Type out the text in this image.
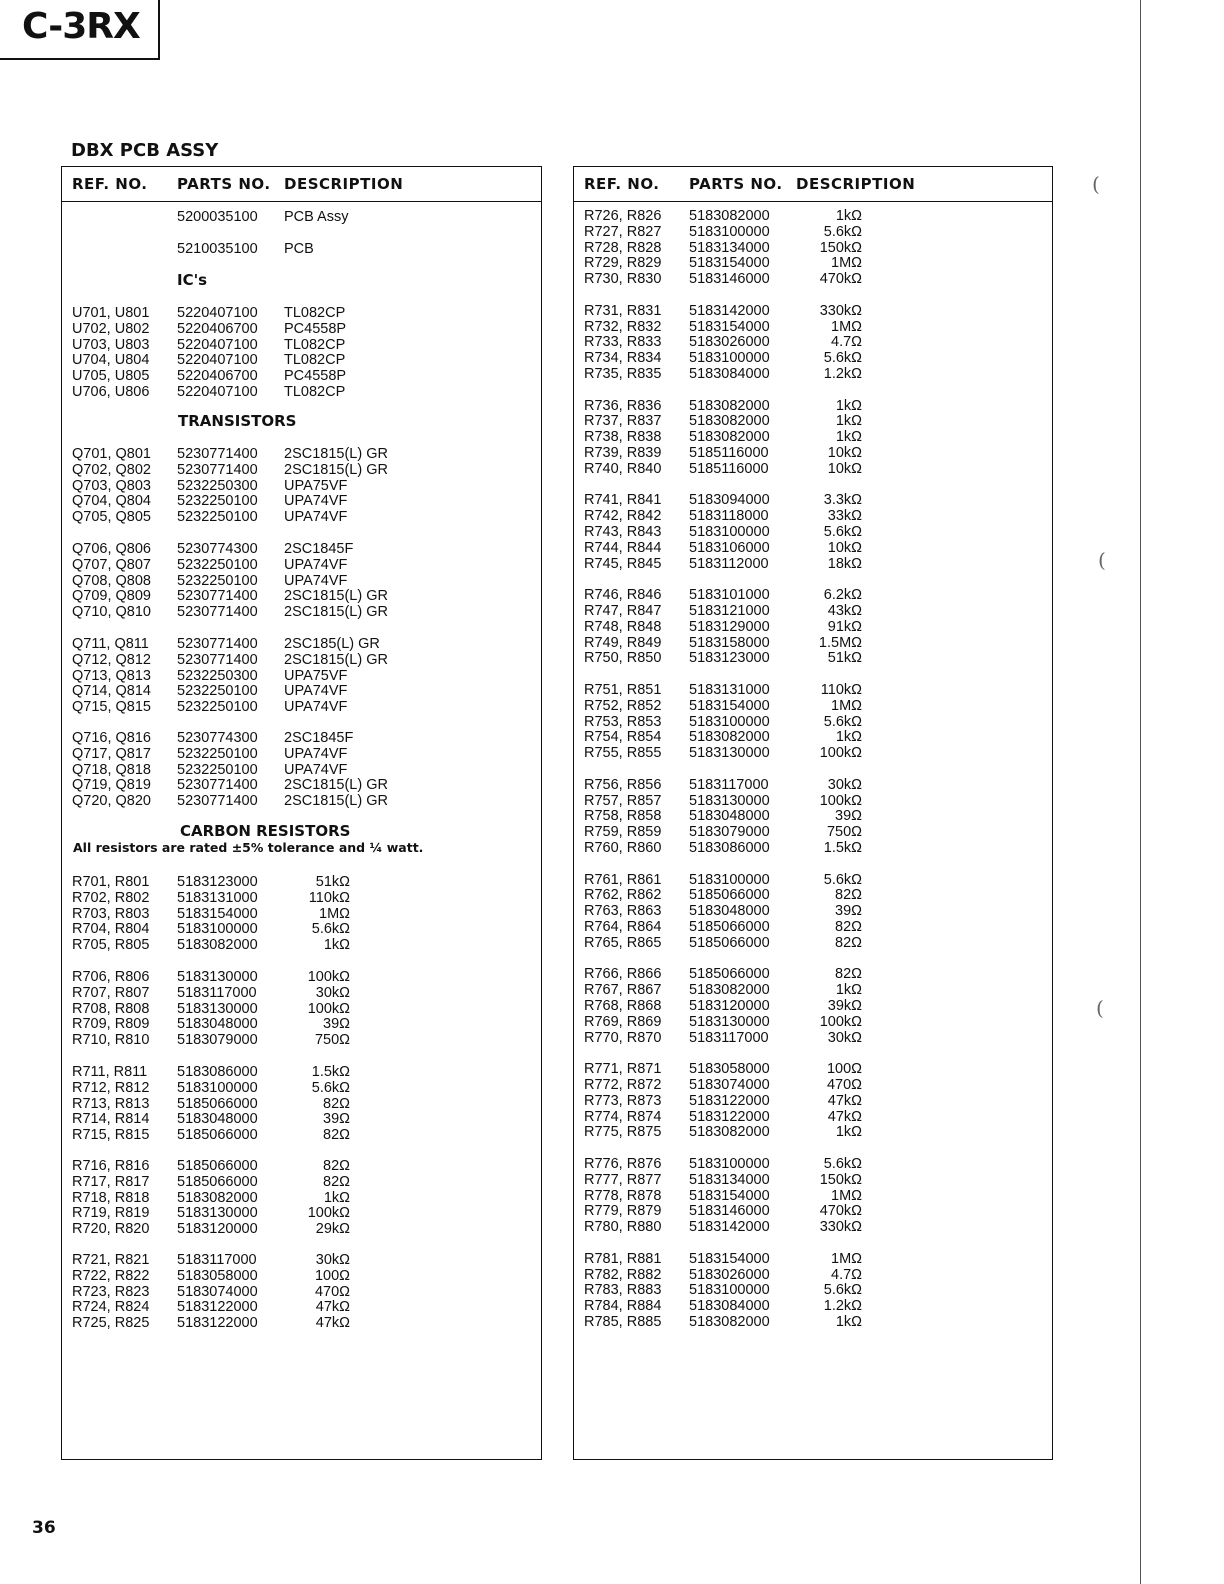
C-3RX
DBX PCB ASSY
REF. NO. PARTS NO. DESCRIPTION
5200035100 PCB Assy
5210035100 PCB
IC's
U701, U801 5220407100 TL082CP
U702, U802 5220406700 PC4558P
U703, U803 5220407100 TL082CP
U704, U804 5220407100 TL082CP
U705, U805 5220406700 PC4558P
U706, U806 5220407100 TL082CP
TRANSISTORS
Q701, Q801 5230771400 2SC1815(L) GR
Q702, Q802 5230771400 2SC1815(L) GR
Q703, Q803 5232250300 UPA75VF
Q704, Q804 5232250100 UPA74VF
Q705, Q805 5232250100 UPA74VF
Q706, Q806 5230774300 2SC1845F
Q707, Q807 5232250100 UPA74VF
Q708, Q808 5232250100 UPA74VF
Q709, Q809 5230771400 2SC1815(L) GR
Q710, Q810 5230771400 2SC1815(L) GR
Q711, Q811 5230771400 2SC185(L) GR
Q712, Q812 5230771400 2SC1815(L) GR
Q713, Q813 5232250300 UPA75VF
Q714, Q814 5232250100 UPA74VF
Q715, Q815 5232250100 UPA74VF
Q716, Q816 5230774300 2SC1845F
Q717, Q817 5232250100 UPA74VF
Q718, Q818 5232250100 UPA74VF
Q719, Q819 5230771400 2SC1815(L) GR
Q720, Q820 5230771400 2SC1815(L) GR
CARBON RESISTORS
All resistors are rated ±5% tolerance and ¼ watt.
R701, R801 5183123000	51kΩ
R702, R802 5183131000	110kΩ
R703, R803 5183154000	1MΩ
R704, R804 5183100000	5.6kΩ
R705, R805 5183082000	1kΩ
R706, R806 5183130000	100kΩ
R707, R807 5183117000	30kΩ
R708, R808 5183130000	100kΩ
R709, R809 5183048000	39Ω
R710, R810 5183079000	750Ω
R711, R811 5183086000	1.5kΩ
R712, R812 5183100000	5.6kΩ
R713, R813 5185066000	82Ω
R714, R814 5183048000	39Ω
R715, R815 5185066000	82Ω
R716, R816 5185066000	82Ω
R717, R817 5185066000	82Ω
R718, R818 5183082000	1kΩ
R719, R819 5183130000	100kΩ
R720, R820 5183120000	29kΩ
R721, R821 5183117000	30kΩ
R722, R822 5183058000	100Ω
R723, R823 5183074000	470Ω
R724, R824 5183122000	47kΩ
R725, R825 5183122000	47kΩ
REF. NO. PARTS NO. DESCRIPTION
R726, R826 5183082000	1kΩ
R727, R827 5183100000	5.6kΩ
R728, R828 5183134000	150kΩ
R729, R829 5183154000	1MΩ
R730, R830 5183146000	470kΩ
R731, R831 5183142000	330kΩ
R732, R832 5183154000	1MΩ
R733, R833 5183026000	4.7Ω
R734, R834 5183100000	5.6kΩ
R735, R835 5183084000	1.2kΩ
R736, R836 5183082000	1kΩ
R737, R837 5183082000	1kΩ
R738, R838 5183082000	1kΩ
R739, R839 5185116000	10kΩ
R740, R840 5185116000	10kΩ
R741, R841 5183094000	3.3kΩ
R742, R842 5183118000	33kΩ
R743, R843 5183100000	5.6kΩ
R744, R844 5183106000	10kΩ
R745, R845 5183112000	18kΩ
R746, R846 5183101000	6.2kΩ
R747, R847 5183121000	43kΩ
R748, R848 5183129000	91kΩ
R749, R849 5183158000	1.5MΩ
R750, R850 5183123000	51kΩ
R751, R851 5183131000	110kΩ
R752, R852 5183154000	1MΩ
R753, R853 5183100000	5.6kΩ
R754, R854 5183082000	1kΩ
R755, R855 5183130000	100kΩ
R756, R856 5183117000	30kΩ
R757, R857 5183130000	100kΩ
R758, R858 5183048000	39Ω
R759, R859 5183079000	750Ω
R760, R860 5183086000	1.5kΩ
R761, R861 5183100000	5.6kΩ
R762, R862 5185066000	82Ω
R763, R863 5183048000	39Ω
R764, R864 5185066000	82Ω
R765, R865 5185066000	82Ω
R766, R866 5185066000	82Ω
R767, R867 5183082000	1kΩ
R768, R868 5183120000	39kΩ
R769, R869 5183130000	100kΩ
R770, R870 5183117000	30kΩ
R771, R871 5183058000	100Ω
R772, R872 5183074000	470Ω
R773, R873 5183122000	47kΩ
R774, R874 5183122000	47kΩ
R775, R875 5183082000	1kΩ
R776, R876 5183100000	5.6kΩ
R777, R877 5183134000	150kΩ
R778, R878 5183154000	1MΩ
R779, R879 5183146000	470kΩ
R780, R880 5183142000	330kΩ
R781, R881 5183154000	1MΩ
R782, R882 5183026000	4.7Ω
R783, R883 5183100000	5.6kΩ
R784, R884 5183084000	1.2kΩ
R785, R885 5183082000	1kΩ
(
(
(
36
